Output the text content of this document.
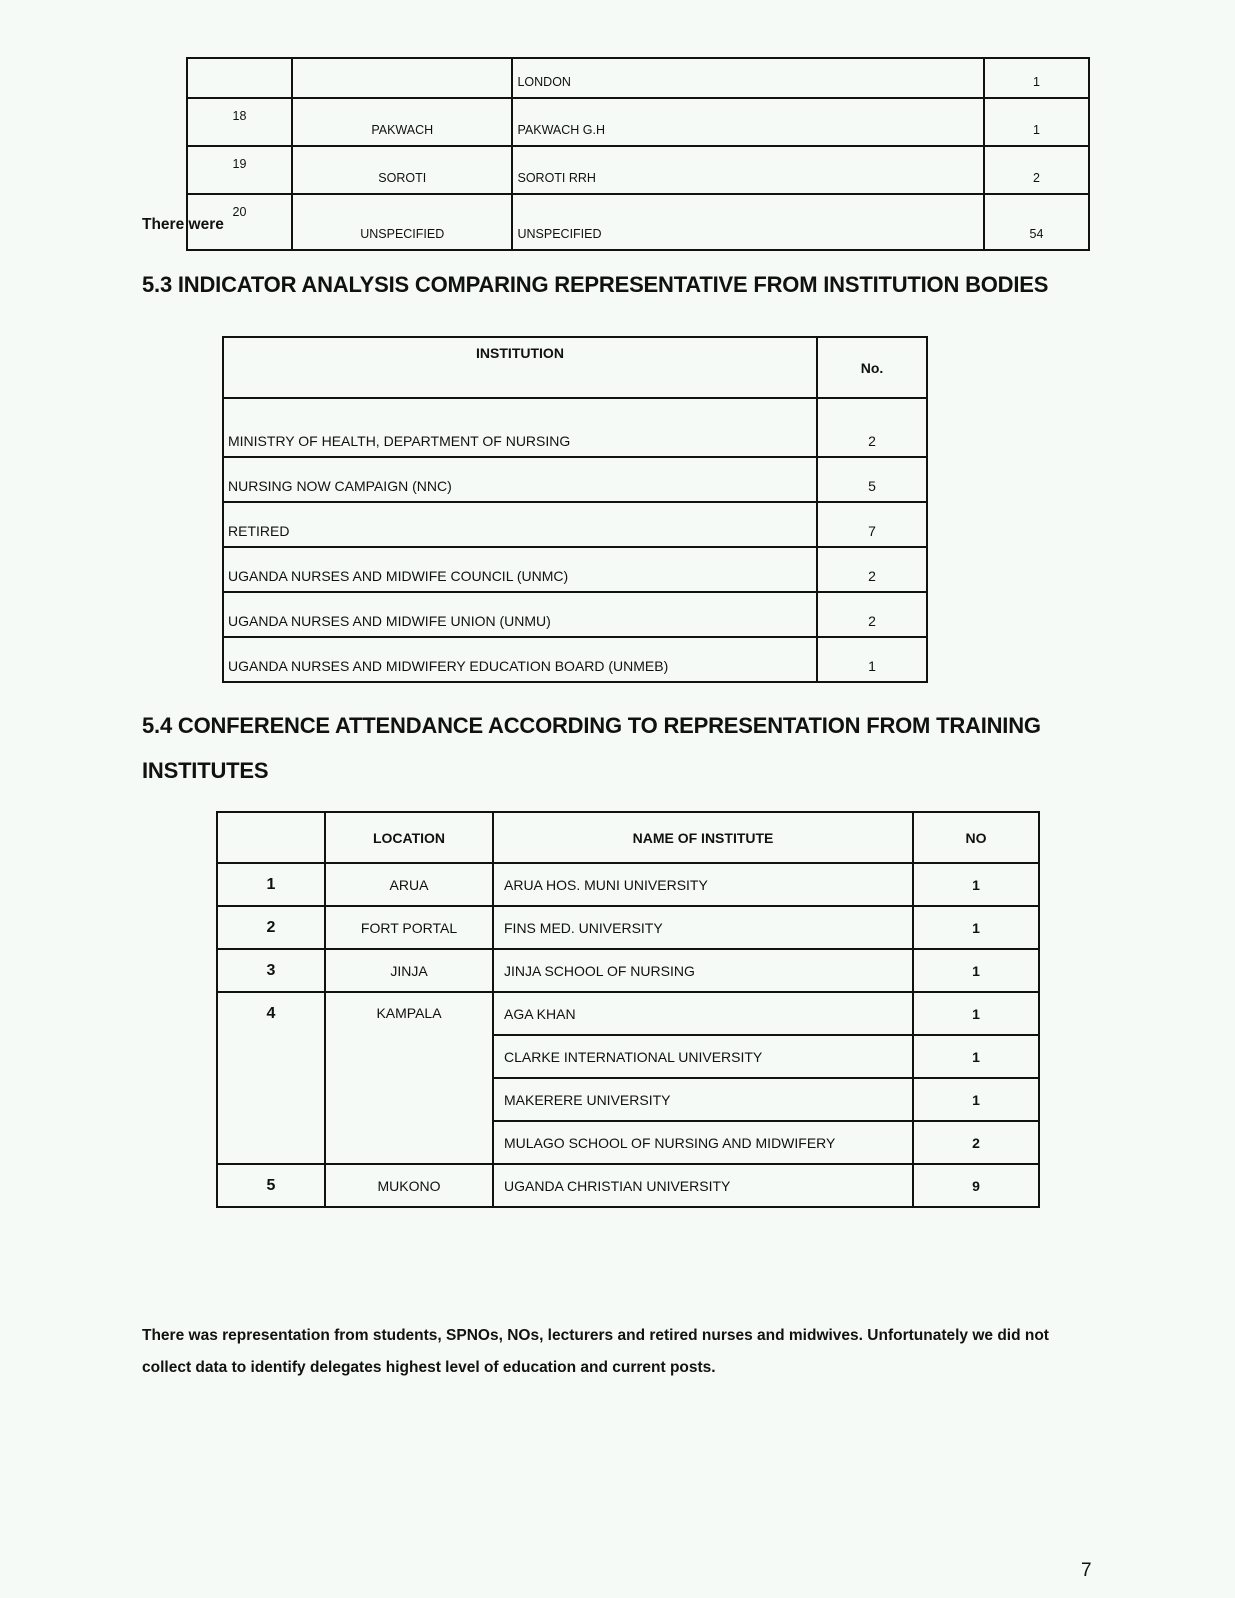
		LONDON	1
18	PAKWACH	PAKWACH G.H	1
19	SOROTI	SOROTI RRH	2
20	UNSPECIFIED	UNSPECIFIED	54
There were
5.3 INDICATOR ANALYSIS COMPARING REPRESENTATIVE FROM INSTITUTION BODIES
INSTITUTION	No.
MINISTRY OF HEALTH, DEPARTMENT OF NURSING	2
NURSING NOW CAMPAIGN (NNC)	5
RETIRED	7
UGANDA NURSES AND MIDWIFE COUNCIL (UNMC)	2
UGANDA NURSES AND MIDWIFE UNION (UNMU)	2
UGANDA NURSES AND MIDWIFERY EDUCATION BOARD (UNMEB)	1
5.4 CONFERENCE ATTENDANCE ACCORDING TO REPRESENTATION FROM TRAINING INSTITUTES
	LOCATION	NAME OF INSTITUTE	NO
1	ARUA	ARUA HOS. MUNI UNIVERSITY	1
2	FORT PORTAL	FINS MED. UNIVERSITY	1
3	JINJA	JINJA SCHOOL OF NURSING	1
4	KAMPALA	AGA KHAN	1
		CLARKE INTERNATIONAL UNIVERSITY	1
		MAKERERE UNIVERSITY	1
		MULAGO SCHOOL OF NURSING AND MIDWIFERY	2
5	MUKONO	UGANDA CHRISTIAN UNIVERSITY	9
There was representation from students, SPNOs, NOs, lecturers and retired nurses and midwives. Unfortunately we did not collect data to identify delegates highest level of education and current posts.
7
